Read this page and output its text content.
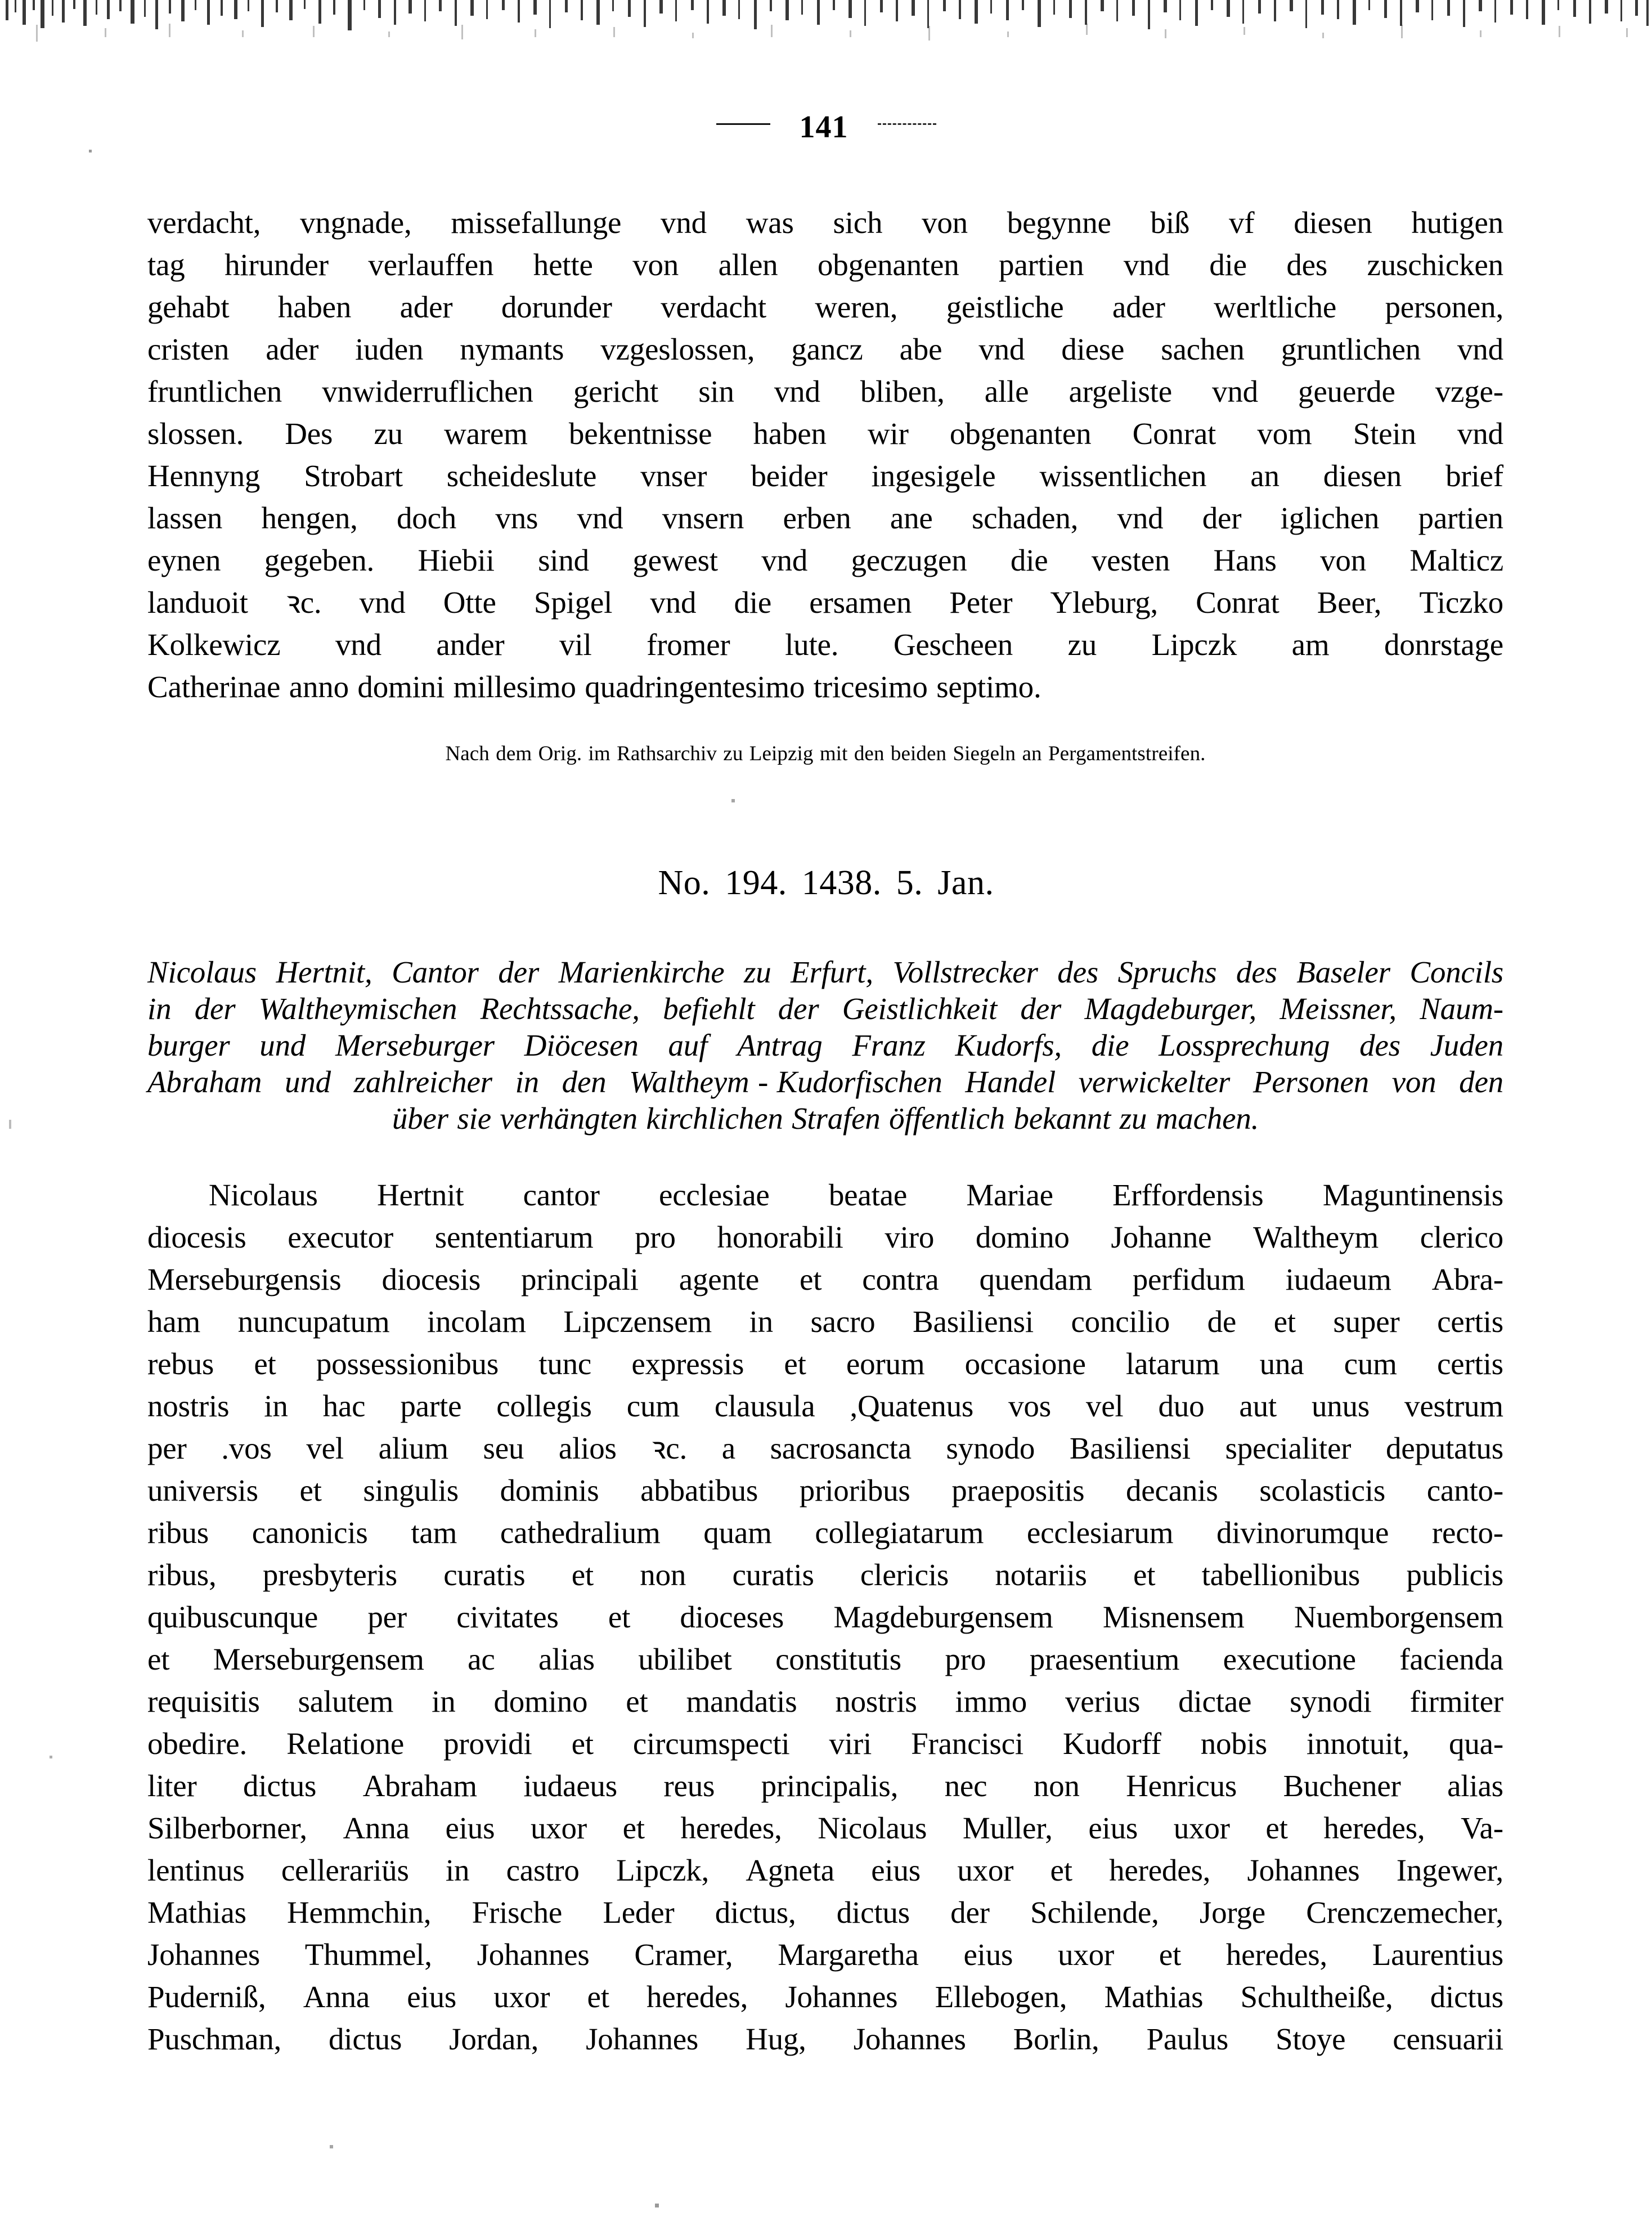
141

verdacht, vngnade, missefallunge vnd was sich von begynne biß vf diesen hutigen
tag hirunder verlauffen hette von allen obgenanten partien vnd die des zuschicken
gehabt haben ader dorunder verdacht weren, geistliche ader werltliche personen,
cristen ader iuden nymants vzgeslossen, gancz abe vnd diese sachen gruntlichen vnd
fruntlichen vnwiderruflichen gericht sin vnd bliben, alle argeliste vnd geuerde vzge-
slossen. Des zu warem bekentnisse haben wir obgenanten Conrat vom Stein vnd
Hennyng Strobart scheideslute vnser beider ingesigele wissentlichen an diesen brief
lassen hengen, doch vns vnd vnsern erben ane schaden, vnd der iglichen partien
eynen gegeben. Hiebii sind gewest vnd geczugen die vesten Hans von Malticz
landuoit ꝛc. vnd Otte Spigel vnd die ersamen Peter Yleburg, Conrat Beer, Ticzko
Kolkewicz vnd ander vil fromer lute. Gescheen zu Lipczk am donrstage
Catherinae anno domini millesimo quadringentesimo tricesimo septimo.

Nach dem Orig. im Rathsarchiv zu Leipzig mit den beiden Siegeln an Pergamentstreifen.
No. 194. 1438. 5. Jan.

Nicolaus Hertnit, Cantor der Marienkirche zu Erfurt, Vollstrecker des Spruchs des Baseler Concils
in der Waltheymischen Rechtssache, befiehlt der Geistlichkeit der Magdeburger, Meissner, Naum-
burger und Merseburger Diöcesen auf Antrag Franz Kudorfs, die Lossprechung des Juden
Abraham und zahlreicher in den Waltheym - Kudorfischen Handel verwickelter Personen von den
über sie verhängten kirchlichen Strafen öffentlich bekannt zu machen.

Nicolaus Hertnit cantor ecclesiae beatae Mariae Erffordensis Maguntinensis
diocesis executor sententiarum pro honorabili viro domino Johanne Waltheym clerico
Merseburgensis diocesis principali agente et contra quendam perfidum iudaeum Abra-
ham nuncupatum incolam Lipczensem in sacro Basiliensi concilio de et super certis
rebus et possessionibus tunc expressis et eorum occasione latarum una cum certis
nostris in hac parte collegis cum clausula ,Quatenus vos vel duo aut unus vestrum
per .vos vel alium seu alios ꝛc. a sacrosancta synodo Basiliensi specialiter deputatus
universis et singulis dominis abbatibus prioribus praepositis decanis scolasticis canto-
ribus canonicis tam cathedralium quam collegiatarum ecclesiarum divinorumque recto-
ribus, presbyteris curatis et non curatis clericis notariis et tabellionibus publicis
quibuscunque per civitates et dioceses Magdeburgensem Misnensem Nuemborgensem
et Merseburgensem ac alias ubilibet constitutis pro praesentium executione facienda
requisitis salutem in domino et mandatis nostris immo verius dictae synodi firmiter
obedire. Relatione providi et circumspecti viri Francisci Kudorff nobis innotuit, qua-
liter dictus Abraham iudaeus reus principalis, nec non Henricus Buchener alias
Silberborner, Anna eius uxor et heredes, Nicolaus Muller, eius uxor et heredes, Va-
lentinus cellerariüs in castro Lipczk, Agneta eius uxor et heredes, Johannes Ingewer,
Mathias Hemmchin, Frische Leder dictus, dictus der Schilende, Jorge Crenczemecher,
Johannes Thummel, Johannes Cramer, Margaretha eius uxor et heredes, Laurentius
Puderniß, Anna eius uxor et heredes, Johannes Ellebogen, Mathias Schultheiße, dictus
Puschman, dictus Jordan, Johannes Hug, Johannes Borlin, Paulus Stoye censuarii
